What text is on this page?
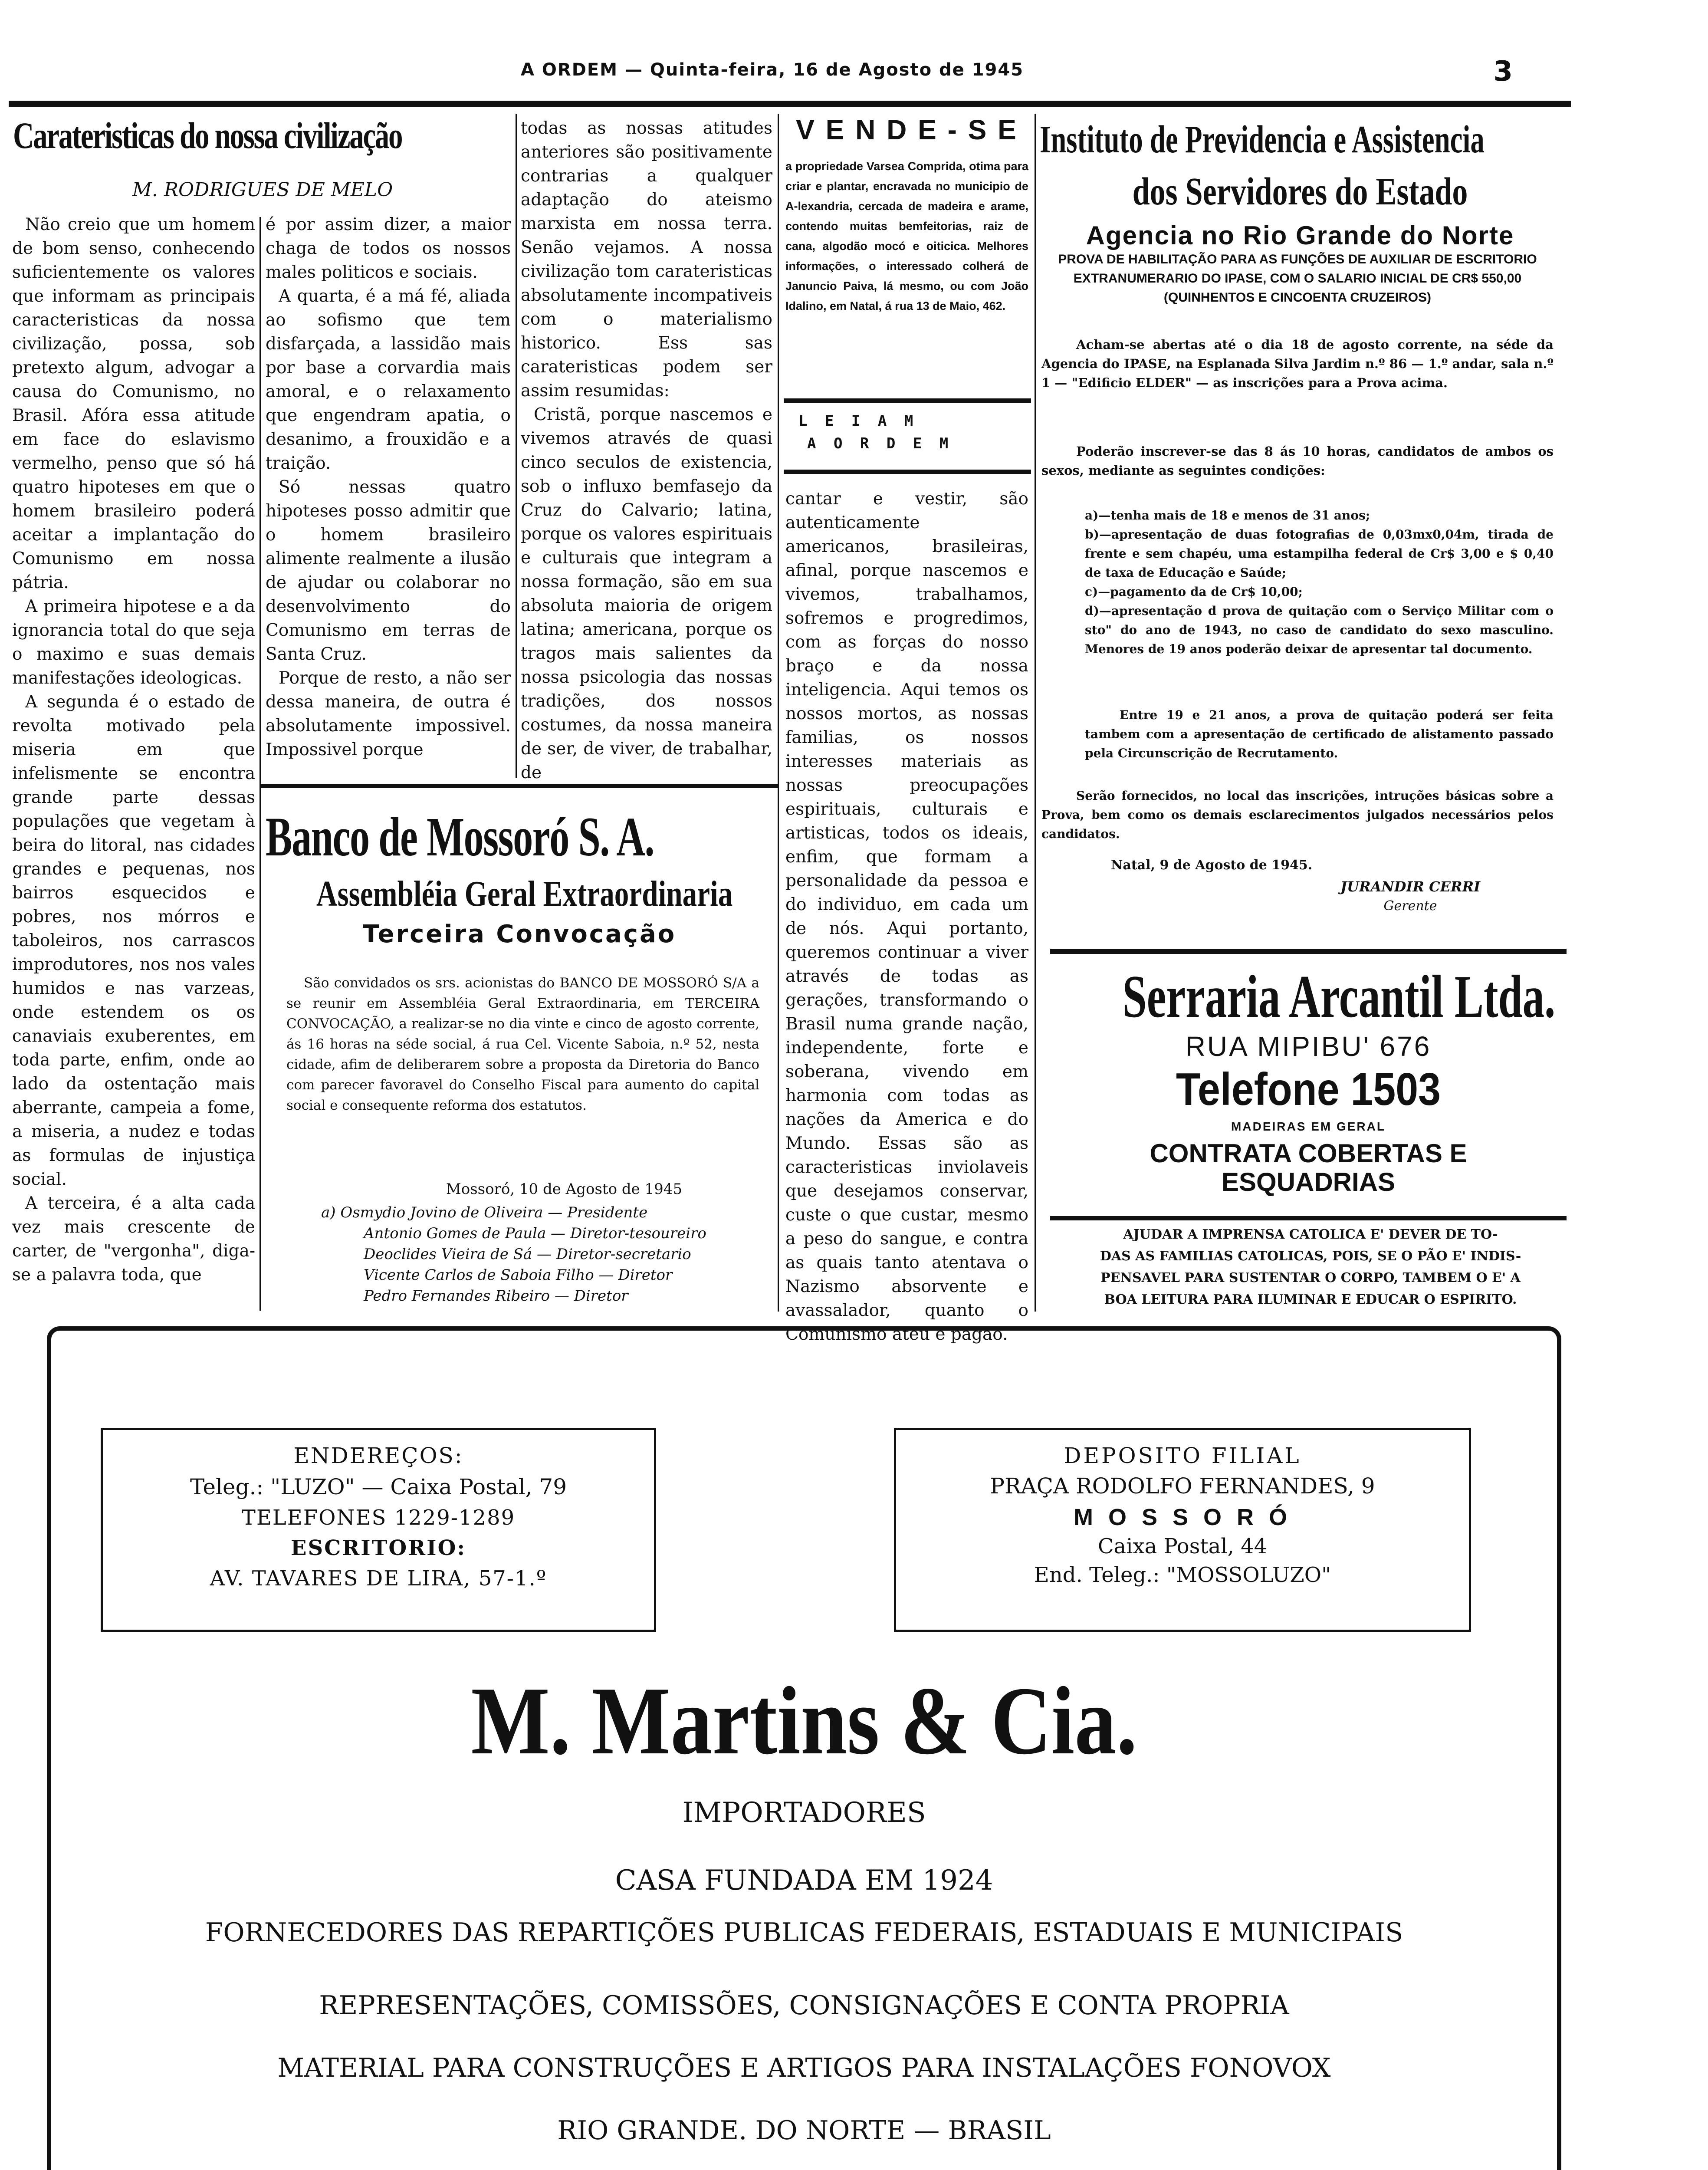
A ORDEM — Quinta-feira, 16 de Agosto de 1945	3
Carateristicas do nossa civilização
M. RODRIGUES DE MELO

Não creio que um homem de bom senso, conhecendo suficientemente os valores que informam as principais caracteristicas da nossa civilização, possa, sob pretexto algum, advogar a causa do Comunismo, no Brasil. Afóra essa atitude em face do eslavismo vermelho, penso que só há quatro hipoteses em que o homem brasileiro poderá aceitar a implantação do Comunismo em nossa pátria.

A primeira hipotese e a da ignorancia total do que seja o maximo e suas demais manifestações ideologicas.

A segunda é o estado de revolta motivado pela miseria em que infelismente se encontra grande parte dessas populações que vegetam à beira do litoral, nas cidades grandes e pequenas, nos bairros esquecidos e pobres, nos mórros e taboleiros, nos carrascos improdutores, nos nos vales humidos e nas varzeas, onde estendem os os canaviais exuberentes, em toda parte, enfim, onde ao lado da ostentação mais aberrante, campeia a fome, a miseria, a nudez e todas as formulas de injustiça social.

A terceira, é a alta cada vez mais crescente de carter, de "vergonha", diga-se a palavra toda, que

é por assim dizer, a maior chaga de todos os nossos males politicos e sociais.

A quarta, é a má fé, aliada ao sofismo que tem disfarçada, a lassidão mais por base a corvardia mais amoral, e o relaxamento que engendram apatia, o desanimo, a frouxidão e a traição.

Só nessas quatro hipoteses posso admitir que o homem brasileiro alimente realmente a ilusão de ajudar ou colaborar no desenvolvimento do Comunismo em terras de Santa Cruz.

Porque de resto, a não ser dessa maneira, de outra é absolutamente impossivel. Impossivel porque

todas as nossas atitudes anteriores são positivamente contrarias a qualquer adaptação do ateismo marxista em nossa terra. Senão vejamos. A nossa civilização tom carateristicas absolutamente incompativeis com o materialismo historico. Ess sas carateristicas podem ser assim resumidas:

Cristã, porque nascemos e vivemos através de quasi cinco seculos de existencia, sob o influxo bemfasejo da Cruz do Calvario; latina, porque os valores espirituais e culturais que integram a nossa formação, são em sua absoluta maioria de origem latina; americana, porque os tragos mais salientes da nossa psicologia das nossas tradições, dos nossos costumes, da nossa maneira de ser, de viver, de trabalhar, de

V E N D E - S E
a propriedade Varsea Comprida, otima para criar e plantar, encravada no municipio de A-lexandria, cercada de madeira e arame, contendo muitas bemfeitorias, raiz de cana, algodão mocó e oiticica. Melhores informações, o interessado colherá de Januncio Paiva, lá mesmo, ou com João Idalino, em Natal, á rua 13 de Maio, 462.
L E I A M
A O R D E M

cantar e vestir, são autenticamente americanos, brasileiras, afinal, porque nascemos e vivemos, trabalhamos, sofremos e progredimos, com as forças do nosso braço e da nossa inteligencia. Aqui temos os nossos mortos, as nossas familias, os nossos interesses materiais as nossas preocupações espirituais, culturais e artisticas, todos os ideais, enfim, que formam a personalidade da pessoa e do individuo, em cada um de nós. Aqui portanto, queremos continuar a viver através de todas as gerações, transformando o Brasil numa grande nação, independente, forte e soberana, vivendo em harmonia com todas as nações da America e do Mundo. Essas são as caracteristicas inviolaveis que desejamos conservar, custe o que custar, mesmo a peso do sangue, e contra as quais tanto atentava o Nazismo absorvente e avassalador, quanto o Comunismo ateu e pagão.

Banco de Mossoró S. A.
Assembléia Geral Extraordinaria
Terceira Convocação
São convidados os srs. acionistas do BANCO DE MOSSORÓ S/A a se reunir em Assembléia Geral Extraordinaria, em TERCEIRA CONVOCAÇÃO, a realizar-se no dia vinte e cinco de agosto corrente, ás 16 horas na séde social, á rua Cel. Vicente Saboia, n.º 52, nesta cidade, afim de deliberarem sobre a proposta da Diretoria do Banco com parecer favoravel do Conselho Fiscal para aumento do capital social e consequente reforma dos estatutos.
Mossoró, 10 de Agosto de 1945
a) Osmydio Jovino de Oliveira — Presidente
Antonio Gomes de Paula — Diretor-tesoureiro
Deoclides Vieira de Sá — Diretor-secretario
Vicente Carlos de Saboia Filho — Diretor
Pedro Fernandes Ribeiro — Diretor
Instituto de Previdencia e Assistencia
dos Servidores do Estado
Agencia no Rio Grande do Norte
PROVA DE HABILITAÇÃO PARA AS FUNÇÕES DE AUXILIAR DE ESCRITORIO EXTRANUMERARIO DO IPASE, COM O SALARIO INICIAL DE CR$ 550,00 (QUINHENTOS E CINCOENTA CRUZEIROS)
Acham-se abertas até o dia 18 de agosto corrente, na séde da Agencia do IPASE, na Esplanada Silva Jardim n.º 86 — 1.º andar, sala n.º 1 — "Edificio ELDER" — as inscrições para a Prova acima.
Poderão inscrever-se das 8 ás 10 horas, candidatos de ambos os sexos, mediante as seguintes condições:
a)—tenha mais de 18 e menos de 31 anos;
b)—apresentação de duas fotografias de 0,03mx0,04m, tirada de frente e sem chapéu, uma estampilha federal de Cr$ 3,00 e $ 0,40 de taxa de Educação e Saúde;
c)—pagamento da de Cr$ 10,00;
d)—apresentação d prova de quitação com o Serviço Militar com o sto" do ano de 1943, no caso de candidato do sexo masculino. Menores de 19 anos poderão deixar de apresentar tal documento.
Entre 19 e 21 anos, a prova de quitação poderá ser feita tambem com a apresentação de certificado de alistamento passado pela Circunscrição de Recrutamento.
Serão fornecidos, no local das inscrições, intruções básicas sobre a Prova, bem como os demais esclarecimentos julgados necessários pelos candidatos.
Natal, 9 de Agosto de 1945.
JURANDIR CERRI
Gerente
Serraria Arcantil Ltda.
RUA MIPIBU' 676
Telefone 1503
MADEIRAS EM GERAL
CONTRATA COBERTAS E
ESQUADRIAS
AJUDAR A IMPRENSA CATOLICA E' DEVER DE TO-
DAS AS FAMILIAS CATOLICAS, POIS, SE O PÃO E' INDIS-
PENSAVEL PARA SUSTENTAR O CORPO, TAMBEM O E' A
BOA LEITURA PARA ILUMINAR E EDUCAR O ESPIRITO.
ENDEREÇOS:
Teleg.: "LUZO" — Caixa Postal, 79
TELEFONES 1229-1289
ESCRITORIO:
AV. TAVARES DE LIRA, 57-1.º
DEPOSITO FILIAL
PRAÇA RODOLFO FERNANDES, 9
M O S S O R Ó
Caixa Postal, 44
End. Teleg.: "MOSSOLUZO"
M. Martins & Cia.
IMPORTADORES
CASA FUNDADA EM 1924
FORNECEDORES DAS REPARTIÇÕES PUBLICAS FEDERAIS, ESTADUAIS E MUNICIPAIS
REPRESENTAÇÕES, COMISSÕES, CONSIGNAÇÕES E CONTA PROPRIA
MATERIAL PARA CONSTRUÇÕES E ARTIGOS PARA INSTALAÇÕES FONOVOX
RIO GRANDE. DO NORTE — BRASIL
